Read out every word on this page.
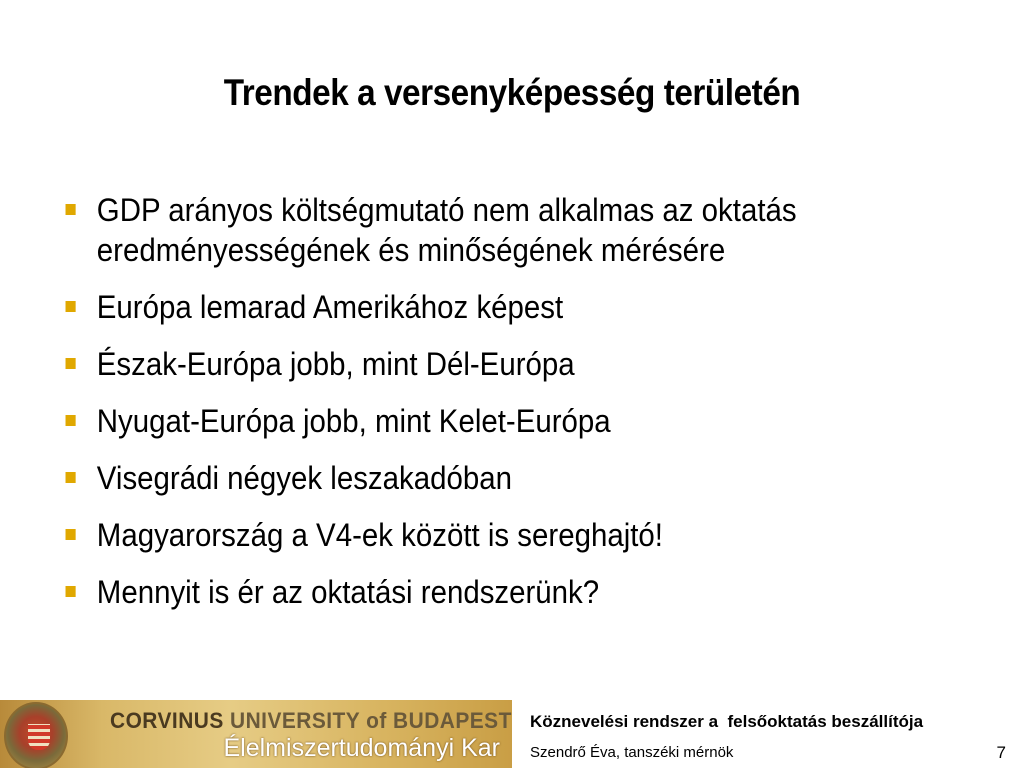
Trendek a versenyképesség területén
GDP arányos költségmutató nem alkalmas az oktatás eredményességének és minőségének mérésére
Európa lemarad Amerikához képest
Észak-Európa jobb, mint Dél-Európa
Nyugat-Európa jobb, mint Kelet-Európa
Visegrádi négyek leszakadóban
Magyarország a V4-ek között is sereghajtó!
Mennyit is ér az oktatási rendszerünk?
CORVINUS UNIVERSITY of BUDAPEST
Élelmiszertudományi Kar
Köznevelési rendszer a  felsőoktatás beszállítója
Szendrő Éva, tanszéki mérnök	7
